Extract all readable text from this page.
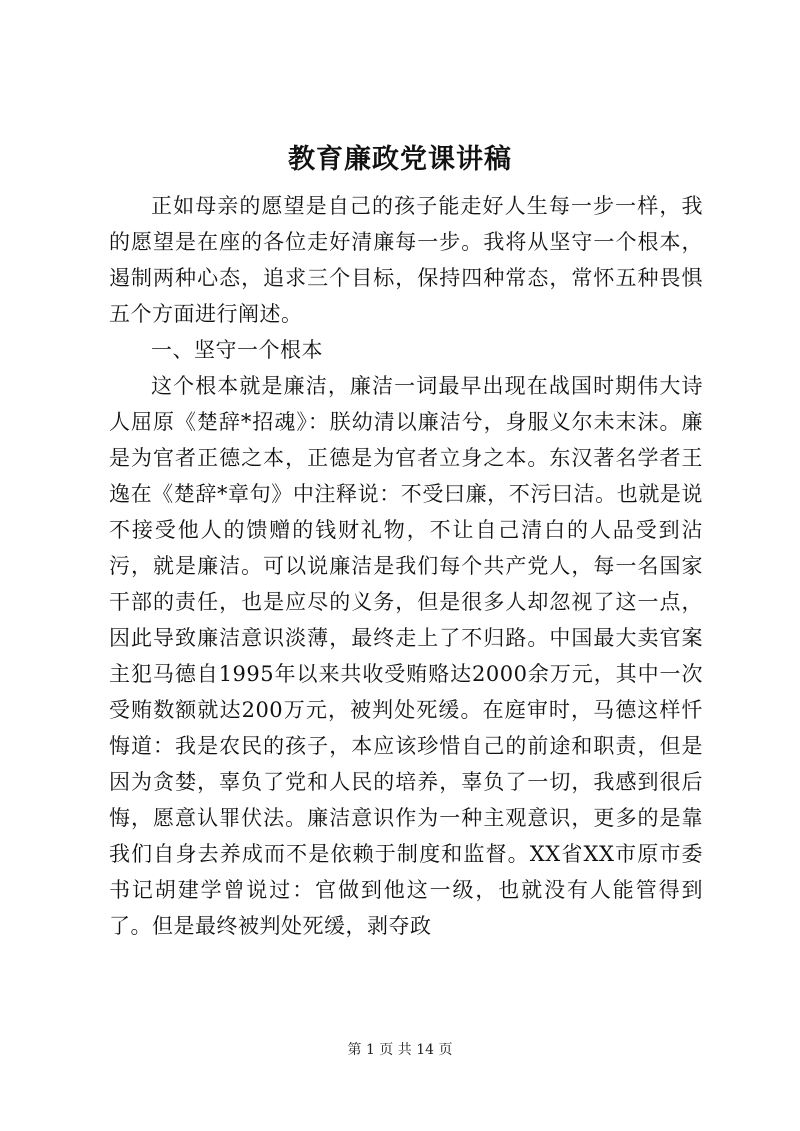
教育廉政党课讲稿

正如母亲的愿望是自己的孩子能走好人生每一步一样，我的愿望是在座的各位走好清廉每一步。我将从坚守一个根本，遏制两种心态，追求三个目标，保持四种常态，常怀五种畏惧五个方面进行阐述。

一、坚守一个根本

这个根本就是廉洁，廉洁一词最早出现在战国时期伟大诗人屈原《楚辞*招魂》：朕幼清以廉洁兮，身服义尔未末沫。廉是为官者正德之本，正德是为官者立身之本。东汉著名学者王逸在《楚辞*章句》中注释说：不受曰廉，不污曰洁。也就是说不接受他人的馈赠的钱财礼物，不让自己清白的人品受到沾污，就是廉洁。可以说廉洁是我们每个共产党人，每一名国家干部的责任，也是应尽的义务，但是很多人却忽视了这一点，因此导致廉洁意识淡薄，最终走上了不归路。中国最大卖官案主犯马德自1995年以来共收受贿赂达2000余万元，其中一次受贿数额就达200万元，被判处死缓。在庭审时，马德这样忏悔道：我是农民的孩子，本应该珍惜自己的前途和职责，但是因为贪婪，辜负了党和人民的培养，辜负了一切，我感到很后悔，愿意认罪伏法。廉洁意识作为一种主观意识，更多的是靠我们自身去养成而不是依赖于制度和监督。XX省XX市原市委书记胡建学曾说过：官做到他这一级，也就没有人能管得到了。但是最终被判处死缓，剥夺政

第 1 页 共 14 页
